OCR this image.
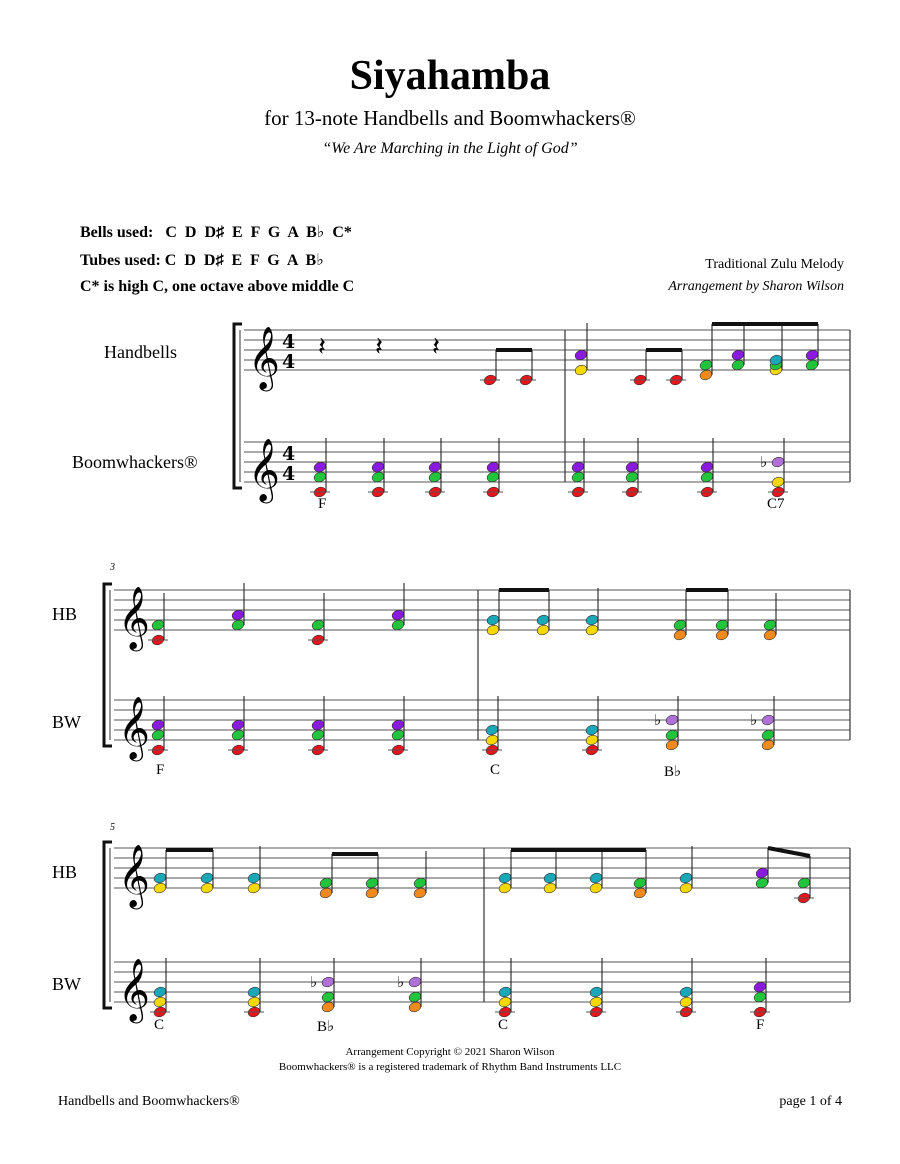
Siyahamba
for 13-note Handbells and Boomwhackers®
“We Are Marching in the Light of God”
Bells used:   C  D  D♯  E  F  G  A  B♭  C*
Tubes used: C  D  D♯  E  F  G  A  B♭
C* is high C, one octave above middle C
Traditional Zulu Melody
Arrangement by Sharon Wilson
Handbells
Boomwhackers®
HB
BW
HB
BW
3
5
F	C7
F	C	B♭
C	B♭	C	F
𝄞
𝄞
4
4
4
4
𝄽 𝄽 𝄽
♭
𝄞
𝄞	♭	♭
𝄞
𝄞	♭	♭
Arrangement Copyright © 2021 Sharon Wilson
Boomwhackers® is a registered trademark of Rhythm Band Instruments LLC
Handbells and Boomwhackers®	page 1 of 4
